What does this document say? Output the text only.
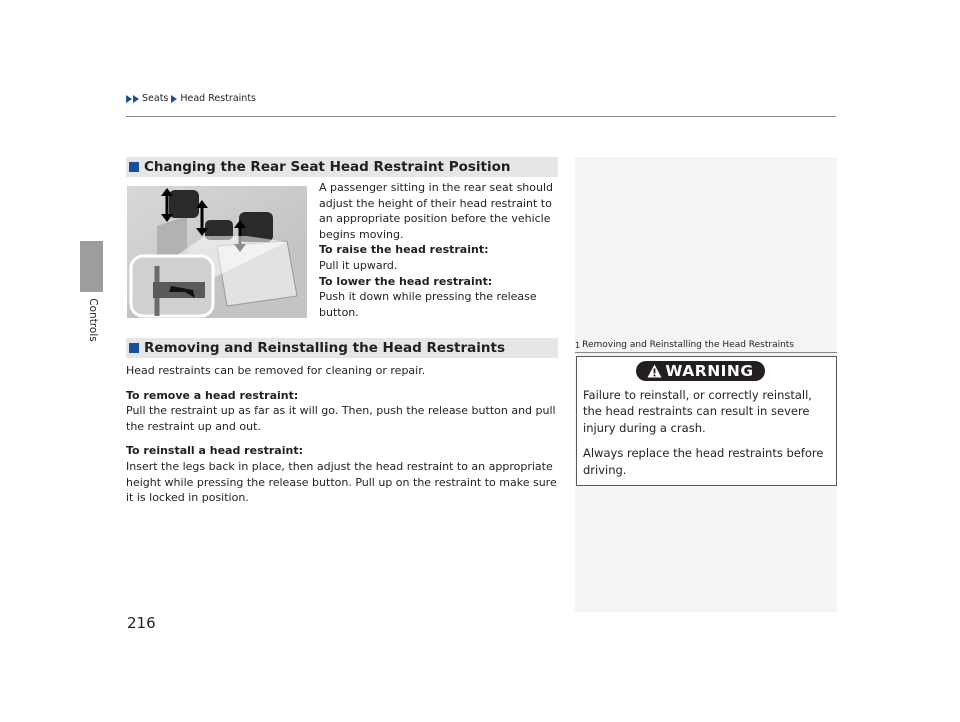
Seats Head Restraints
Controls
Changing the Rear Seat Head Restraint Position
A passenger sitting in the rear seat should adjust the height of their head restraint to an appropriate position before the vehicle begins moving.
To raise the head restraint:
Pull it upward.
To lower the head restraint:
Push it down while pressing the release button.
Removing and Reinstalling the Head Restraints
Head restraints can be removed for cleaning or repair.
To remove a head restraint:
Pull the restraint up as far as it will go. Then, push the release button and pull the restraint up and out.
To reinstall a head restraint:
Insert the legs back in place, then adjust the head restraint to an appropriate height while pressing the release button. Pull up on the restraint to make sure it is locked in position.
1 Removing and Reinstalling the Head Restraints
WARNING
Failure to reinstall, or correctly reinstall, the head restraints can result in severe injury during a crash.
Always replace the head restraints before driving.
216
